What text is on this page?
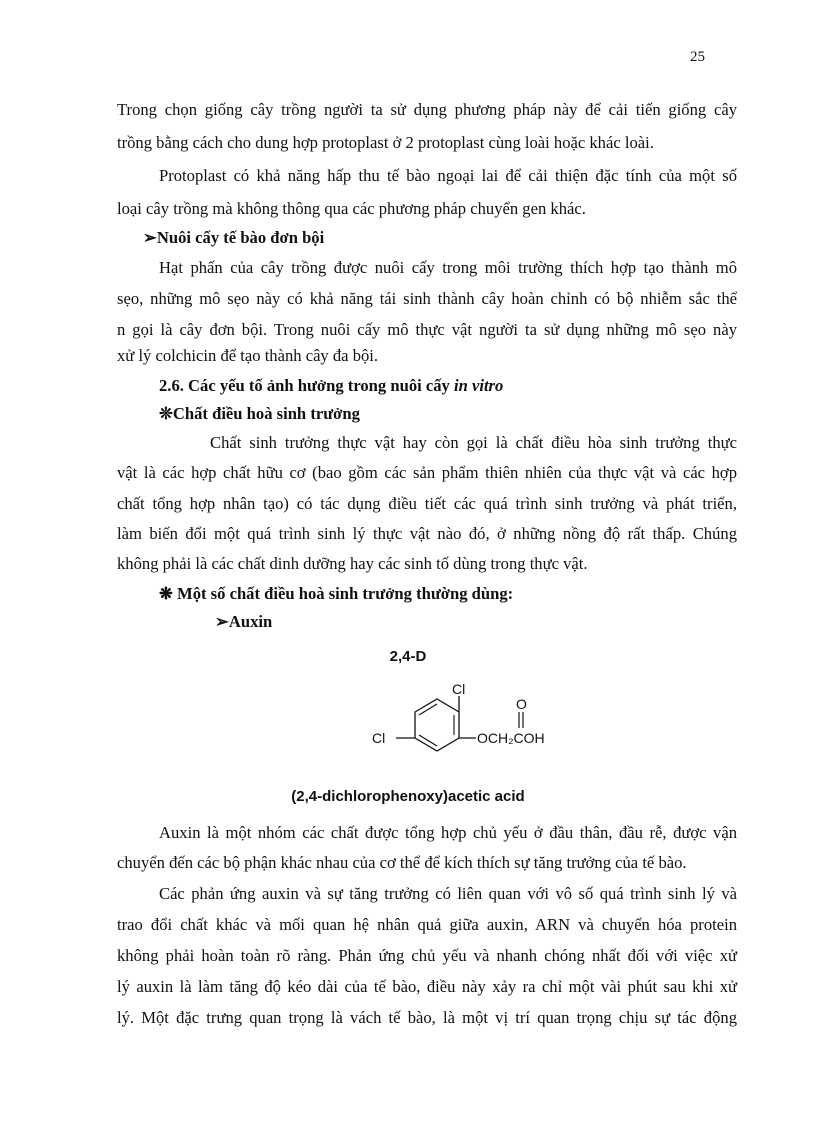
25
Trong chọn giống cây trồng người ta sử dụng phương pháp này để cải tiến giống cây
trồng bằng cách cho dung hợp protoplast ở 2 protoplast cùng loài hoặc khác loài.
Protoplast có khả năng hấp thu tế bào ngoại lai để cải thiện đặc tính của một số
loại cây trồng mà không thông qua các phương pháp chuyển gen khác.
➢Nuôi cấy tế bào đơn bội
Hạt phấn của cây trồng được nuôi cấy trong môi trường thích hợp tạo thành mô
sẹo, những mô sẹo này có khả năng tái sinh thành cây hoàn chỉnh có bộ nhiễm sắc thể
n gọi là cây đơn bội. Trong nuôi cấy mô thực vật người ta sử dụng những mô sẹo này
xử lý colchicin để tạo thành cây đa bội.
2.6. Các yếu tố ảnh hưởng trong nuôi cấy in vitro
❊Chất điều hoà sinh trưởng
Chất sinh trưởng thực vật hay còn gọi là chất điều hòa sinh trưởng thực
vật là các hợp chất hữu cơ (bao gồm các sản phẩm thiên nhiên của thực vật và các hợp
chất tổng hợp nhân tạo) có tác dụng điều tiết các quá trình sinh trưởng và phát triển,
làm biến đổi một quá trình sinh lý thực vật nào đó, ở những nồng độ rất thấp. Chúng
không phải là các chất dinh dưỡng hay các sinh tố dùng trong thực vật.
❋ Một số chất điều hoà sinh trưởng thường dùng:
➢Auxin
2,4-D
Cl
Cl
O
OCH₂COH
(2,4-dichlorophenoxy)acetic acid
Auxin là một nhóm các chất được tổng hợp chủ yếu ở đầu thân, đầu rễ, được vận
chuyển đến các bộ phận khác nhau của cơ thể để kích thích sự tăng trưởng của tế bào.
Các phản ứng auxin và sự tăng trưởng có liên quan với vô số quá trình sinh lý và
trao đổi chất khác và mối quan hệ nhân quả giữa auxin, ARN và chuyển hóa protein
không phải hoàn toàn rõ ràng. Phản ứng chủ yếu và nhanh chóng nhất đối với việc xử
lý auxin là làm tăng độ kéo dài của tế bào, điều này xảy ra chỉ một vài phút sau khi xử
lý. Một đặc trưng quan trọng là vách tế bào, là một vị trí quan trọng chịu sự tác động
